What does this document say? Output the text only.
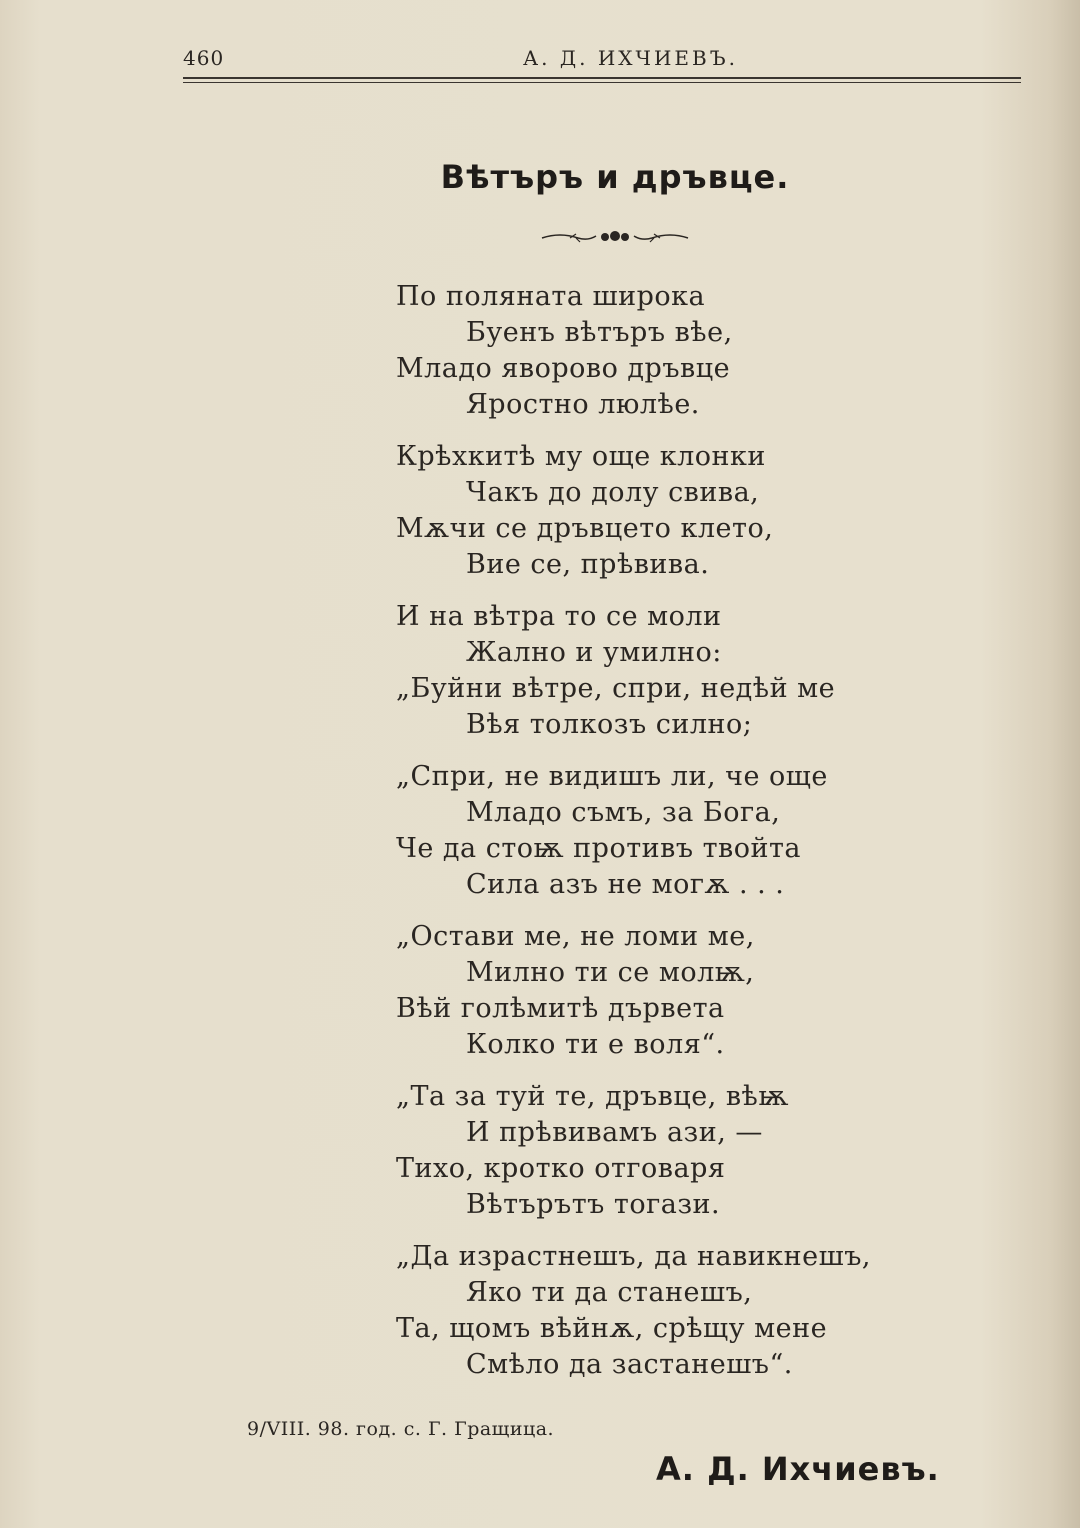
460	А. Д. ИХЧИЕВЪ.
Вѣтъръ и дръвце.
По поляната широка
Буенъ вѣтъръ вѣе,
Младо яворово дръвце
Яростно люлѣе.
Крѣхкитѣ му още клонки
Чакъ до долу свива,
Мѫчи се дръвцето клето,
Вие се, прѣвива.
И на вѣтра то се моли
Жално и умилно:
„Буйни вѣтре, спри, недѣй ме
Вѣя толкозъ силно;
„Спри, не видишъ ли, че още
Младо съмъ, за Бога,
Че да стоѭ противъ твойта
Сила азъ не могѫ . . .
„Остави ме, не ломи ме,
Милно ти се молѭ,
Вѣй голѣмитѣ дървета
Колко ти е воля“.
„Та за туй те, дръвце, вѣѭ
И прѣвивамъ ази, —
Тихо, кротко отговаря
Вѣтърътъ тогази.
„Да израстнешъ, да навикнешъ,
Яко ти да станешъ,
Та, щомъ вѣйнѫ, срѣщу мене
Смѣло да застанешъ“.
9/VIII. 98. год. с. Г. Гращица.
А. Д. Ихчиевъ.
